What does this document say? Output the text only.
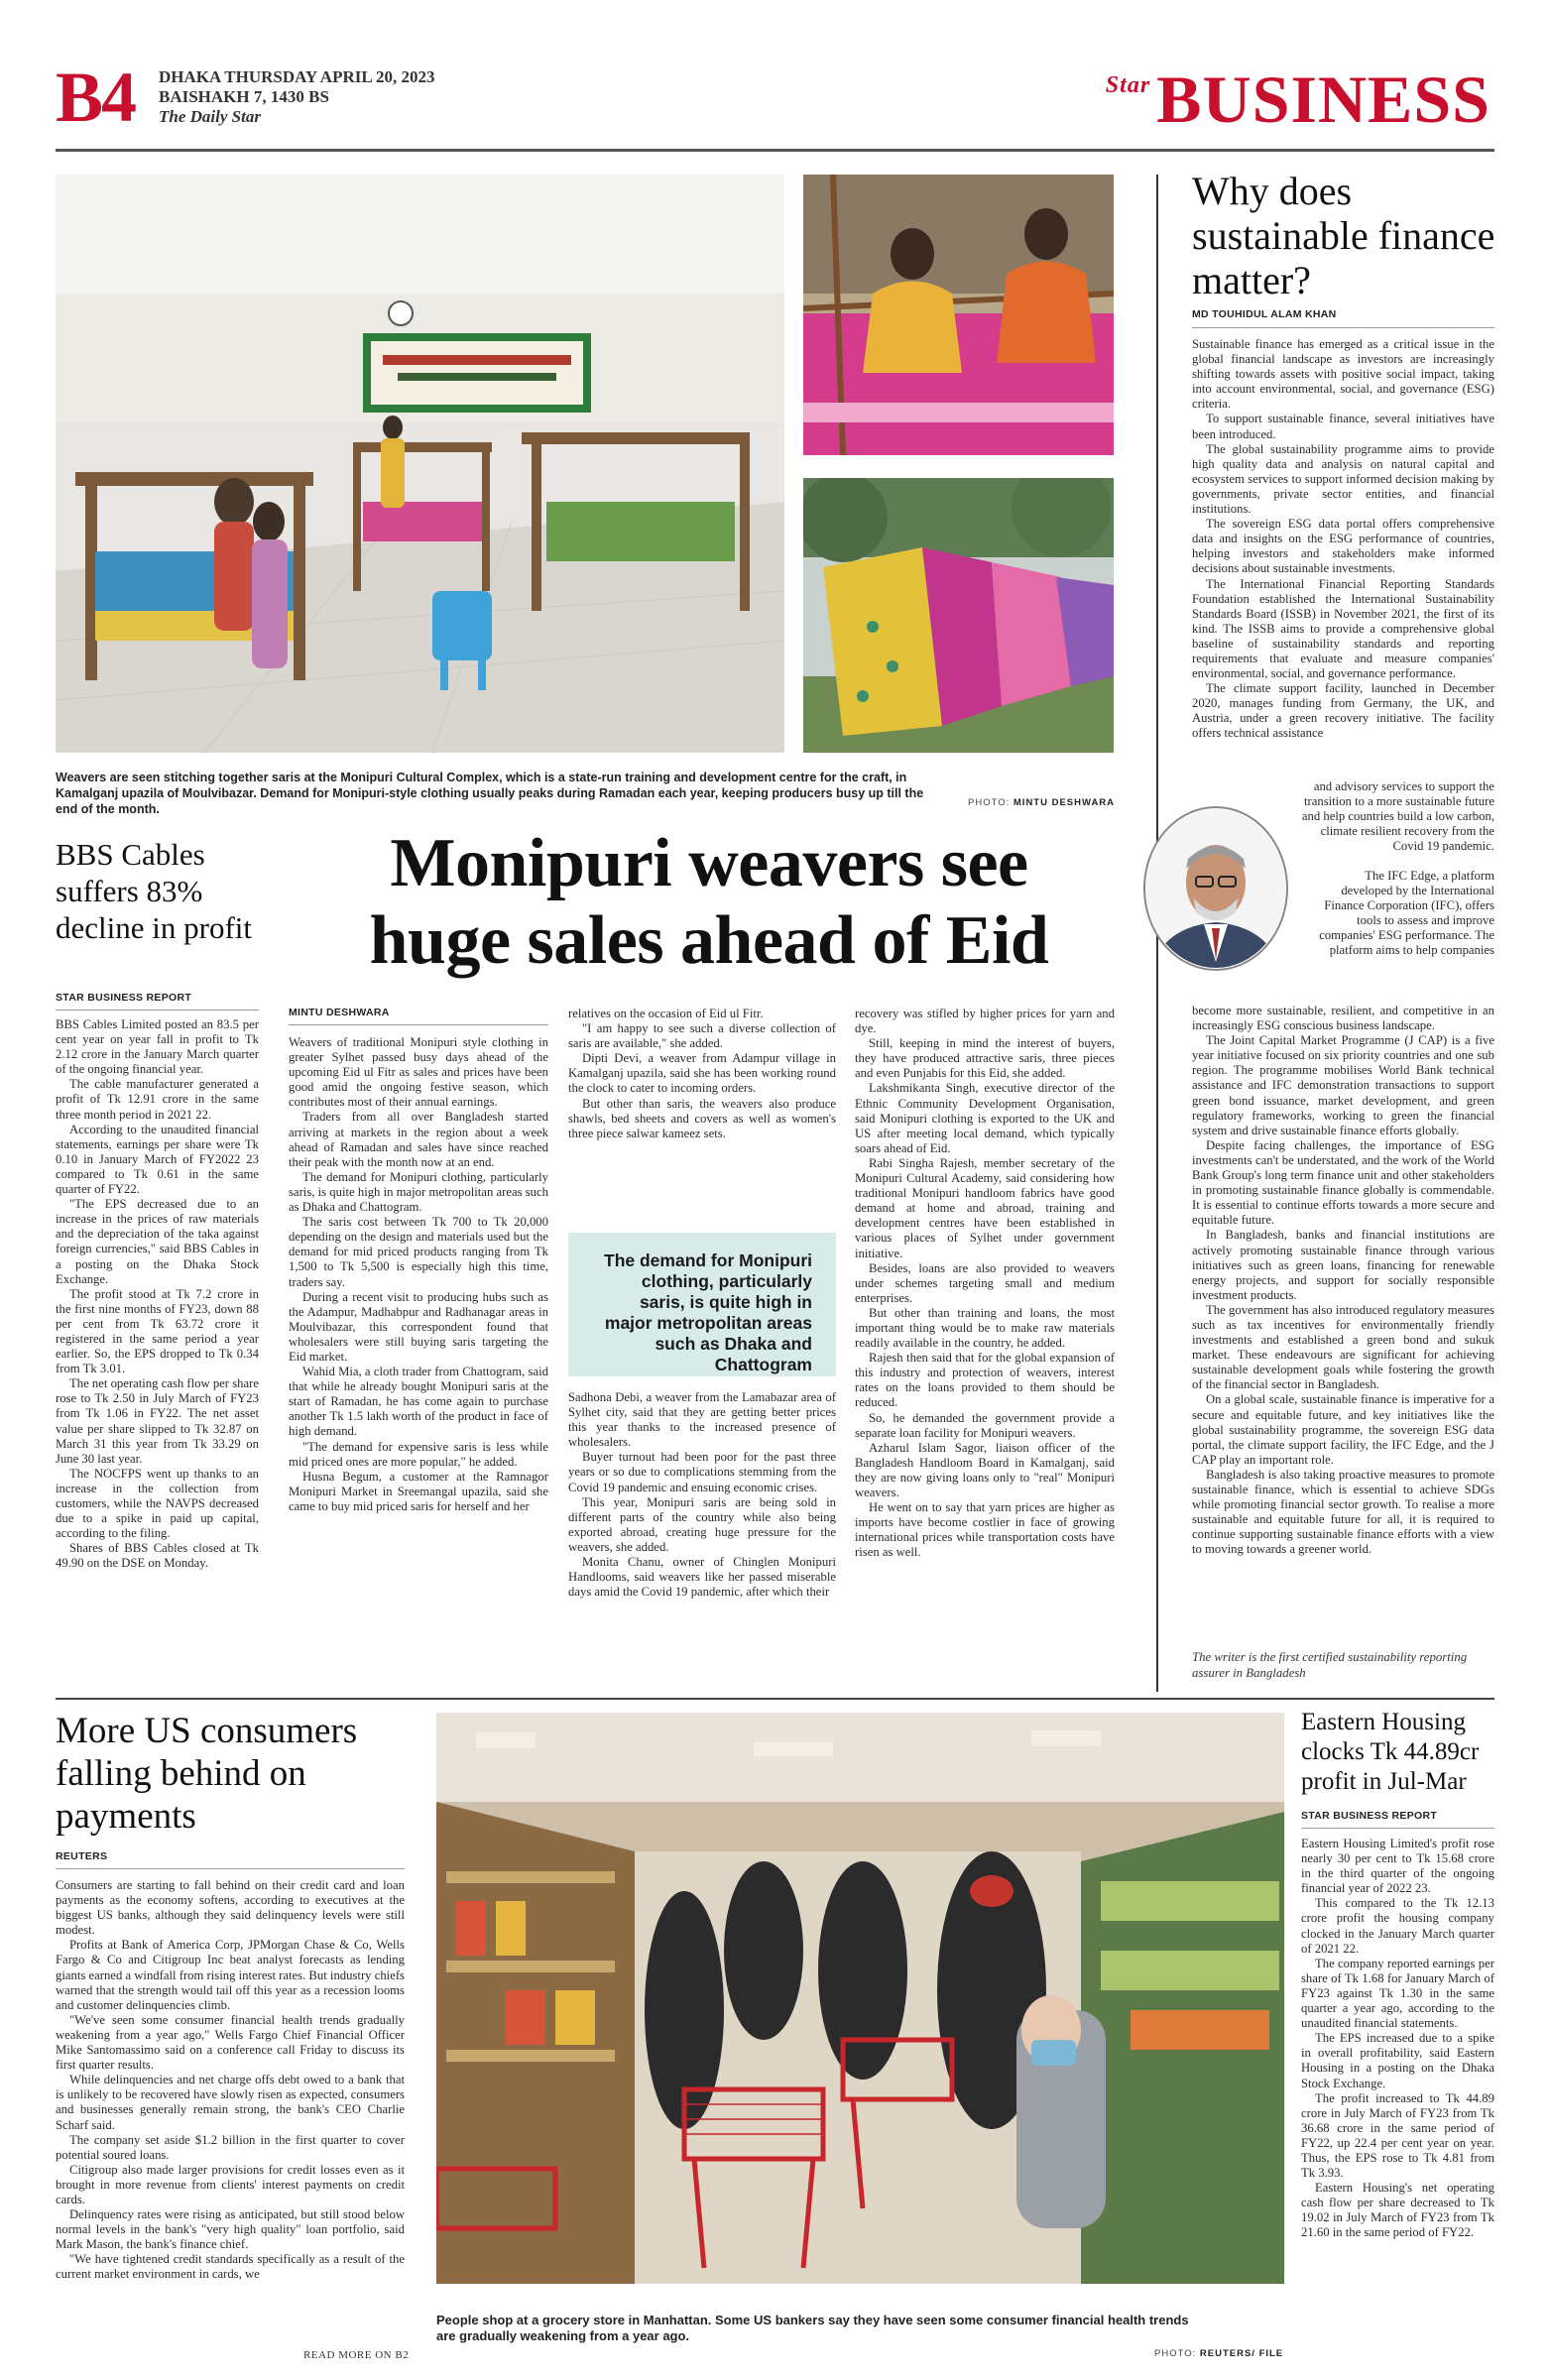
B4 DHAKA THURSDAY APRIL 20, 2023
BAISHAKH 7, 1430 BS
The Daily Star
StarBUSINESS
Weavers are seen stitching together saris at the Monipuri Cultural Complex, which is a state-run training and development centre for the craft, in Kamalganj upazila of Moulvibazar. Demand for Monipuri-style clothing usually peaks during Ramadan each year, keeping producers busy up till the end of the month.	PHOTO: MINTU DESHWARA
Why does sustainable finance matter?
MD TOUHIDUL ALAM KHAN

Sustainable finance has emerged as a critical issue in the global financial landscape as investors are increasingly shifting towards assets with positive social impact, taking into account environmental, social, and governance (ESG) criteria.

To support sustainable finance, several initiatives have been introduced.

The global sustainability programme aims to provide high quality data and analysis on natural capital and ecosystem services to support informed decision making by governments, private sector entities, and financial institutions.

The sovereign ESG data portal offers comprehensive data and insights on the ESG performance of countries, helping investors and stakeholders make informed decisions about sustainable investments.

The International Financial Reporting Standards Foundation established the International Sustainability Standards Board (ISSB) in November 2021, the first of its kind. The ISSB aims to provide a comprehensive global baseline of sustainability standards and reporting requirements that evaluate and measure companies' environmental, social, and governance performance.

The climate support facility, launched in December 2020, manages funding from Germany, the UK, and Austria, under a green recovery initiative. The facility offers technical assistance

and advisory services to support the transition to a more sustainable future and help countries build a low carbon, climate resilient recovery from the Covid 19 pandemic.

The IFC Edge, a platform developed by the International Finance Corporation (IFC), offers tools to assess and improve companies' ESG performance. The platform aims to help companies

become more sustainable, resilient, and competitive in an increasingly ESG conscious business landscape.

The Joint Capital Market Programme (J CAP) is a five year initiative focused on six priority countries and one sub region. The programme mobilises World Bank technical assistance and IFC demonstration transactions to support green bond issuance, market development, and green regulatory frameworks, working to green the financial system and drive sustainable finance efforts globally.

Despite facing challenges, the importance of ESG investments can't be understated, and the work of the World Bank Group's long term finance unit and other stakeholders in promoting sustainable finance globally is commendable. It is essential to continue efforts towards a more secure and equitable future.

In Bangladesh, banks and financial institutions are actively promoting sustainable finance through various initiatives such as green loans, financing for renewable energy projects, and support for socially responsible investment products.

The government has also introduced regulatory measures such as tax incentives for environmentally friendly investments and established a green bond and sukuk market. These endeavours are significant for achieving sustainable development goals while fostering the growth of the financial sector in Bangladesh.

On a global scale, sustainable finance is imperative for a secure and equitable future, and key initiatives like the global sustainability programme, the sovereign ESG data portal, the climate support facility, the IFC Edge, and the J CAP play an important role.

Bangladesh is also taking proactive measures to promote sustainable finance, which is essential to achieve SDGs while promoting financial sector growth. To realise a more sustainable and equitable future for all, it is required to continue supporting sustainable finance efforts with a view to moving towards a greener world.

The writer is the first certified sustainability reporting assurer in Bangladesh
BBS Cables suffers 83% decline in profit
STAR BUSINESS REPORT

BBS Cables Limited posted an 83.5 per cent year on year fall in profit to Tk 2.12 crore in the January March quarter of the ongoing financial year.

The cable manufacturer generated a profit of Tk 12.91 crore in the same three month period in 2021 22.

According to the unaudited financial statements, earnings per share were Tk 0.10 in January March of FY2022 23 compared to Tk 0.61 in the same quarter of FY22.

"The EPS decreased due to an increase in the prices of raw materials and the depreciation of the taka against foreign currencies," said BBS Cables in a posting on the Dhaka Stock Exchange.

The profit stood at Tk 7.2 crore in the first nine months of FY23, down 88 per cent from Tk 63.72 crore it registered in the same period a year earlier. So, the EPS dropped to Tk 0.34 from Tk 3.01.

The net operating cash flow per share rose to Tk 2.50 in July March of FY23 from Tk 1.06 in FY22. The net asset value per share slipped to Tk 32.87 on March 31 this year from Tk 33.29 on June 30 last year.

The NOCFPS went up thanks to an increase in the collection from customers, while the NAVPS decreased due to a spike in paid up capital, according to the filing.

Shares of BBS Cables closed at Tk 49.90 on the DSE on Monday.

Monipuri weavers see
huge sales ahead of Eid
MINTU DESHWARA

Weavers of traditional Monipuri style clothing in greater Sylhet passed busy days ahead of the upcoming Eid ul Fitr as sales and prices have been good amid the ongoing festive season, which contributes most of their annual earnings.

Traders from all over Bangladesh started arriving at markets in the region about a week ahead of Ramadan and sales have since reached their peak with the month now at an end.

The demand for Monipuri clothing, particularly saris, is quite high in major metropolitan areas such as Dhaka and Chattogram.

The saris cost between Tk 700 to Tk 20,000 depending on the design and materials used but the demand for mid priced products ranging from Tk 1,500 to Tk 5,500 is especially high this time, traders say.

During a recent visit to producing hubs such as the Adampur, Madhabpur and Radhanagar areas in Moulvibazar, this correspondent found that wholesalers were still buying saris targeting the Eid market.

Wahid Mia, a cloth trader from Chattogram, said that while he already bought Monipuri saris at the start of Ramadan, he has come again to purchase another Tk 1.5 lakh worth of the product in face of high demand.

"The demand for expensive saris is less while mid priced ones are more popular," he added.

Husna Begum, a customer at the Ramnagor Monipuri Market in Sreemangal upazila, said she came to buy mid priced saris for herself and her

relatives on the occasion of Eid ul Fitr.

"I am happy to see such a diverse collection of saris are available," she added.

Dipti Devi, a weaver from Adampur village in Kamalganj upazila, said she has been working round the clock to cater to incoming orders.

But other than saris, the weavers also produce shawls, bed sheets and covers as well as women's three piece salwar kameez sets.

The demand for Monipuri clothing, particularly saris, is quite high in major metropolitan areas such as Dhaka and Chattogram

Sadhona Debi, a weaver from the Lamabazar area of Sylhet city, said that they are getting better prices this year thanks to the increased presence of wholesalers.

Buyer turnout had been poor for the past three years or so due to complications stemming from the Covid 19 pandemic and ensuing economic crises.

This year, Monipuri saris are being sold in different parts of the country while also being exported abroad, creating huge pressure for the weavers, she added.

Monita Chanu, owner of Chinglen Monipuri Handlooms, said weavers like her passed miserable days amid the Covid 19 pandemic, after which their

recovery was stifled by higher prices for yarn and dye.

Still, keeping in mind the interest of buyers, they have produced attractive saris, three pieces and even Punjabis for this Eid, she added.

Lakshmikanta Singh, executive director of the Ethnic Community Development Organisation, said Monipuri clothing is exported to the UK and US after meeting local demand, which typically soars ahead of Eid.

Rabi Singha Rajesh, member secretary of the Monipuri Cultural Academy, said considering how traditional Monipuri handloom fabrics have good demand at home and abroad, training and development centres have been established in various places of Sylhet under government initiative.

Besides, loans are also provided to weavers under schemes targeting small and medium enterprises.

But other than training and loans, the most important thing would be to make raw materials readily available in the country, he added.

Rajesh then said that for the global expansion of this industry and protection of weavers, interest rates on the loans provided to them should be reduced.

So, he demanded the government provide a separate loan facility for Monipuri weavers.

Azharul Islam Sagor, liaison officer of the Bangladesh Handloom Board in Kamalganj, said they are now giving loans only to "real" Monipuri weavers.

He went on to say that yarn prices are higher as imports have become costlier in face of growing international prices while transportation costs have risen as well.

More US consumers falling behind on payments
REUTERS

Consumers are starting to fall behind on their credit card and loan payments as the economy softens, according to executives at the biggest US banks, although they said delinquency levels were still modest.

Profits at Bank of America Corp, JPMorgan Chase & Co, Wells Fargo & Co and Citigroup Inc beat analyst forecasts as lending giants earned a windfall from rising interest rates. But industry chiefs warned that the strength would tail off this year as a recession looms and customer delinquencies climb.

"We've seen some consumer financial health trends gradually weakening from a year ago," Wells Fargo Chief Financial Officer Mike Santomassimo said on a conference call Friday to discuss its first quarter results.

While delinquencies and net charge offs debt owed to a bank that is unlikely to be recovered have slowly risen as expected, consumers and businesses generally remain strong, the bank's CEO Charlie Scharf said.

The company set aside $1.2 billion in the first quarter to cover potential soured loans.

Citigroup also made larger provisions for credit losses even as it brought in more revenue from clients' interest payments on credit cards.

Delinquency rates were rising as anticipated, but still stood below normal levels in the bank's "very high quality" loan portfolio, said Mark Mason, the bank's finance chief.

"We have tightened credit standards specifically as a result of the current market environment in cards, we

READ MORE ON B2
People shop at a grocery store in Manhattan. Some US bankers say they have seen some consumer financial health trends are gradually weakening from a year ago.
PHOTO: REUTERS/ FILE
Eastern Housing clocks Tk 44.89cr profit in Jul-Mar
STAR BUSINESS REPORT

Eastern Housing Limited's profit rose nearly 30 per cent to Tk 15.68 crore in the third quarter of the ongoing financial year of 2022 23.

This compared to the Tk 12.13 crore profit the housing company clocked in the January March quarter of 2021 22.

The company reported earnings per share of Tk 1.68 for January March of FY23 against Tk 1.30 in the same quarter a year ago, according to the unaudited financial statements.

The EPS increased due to a spike in overall profitability, said Eastern Housing in a posting on the Dhaka Stock Exchange.

The profit increased to Tk 44.89 crore in July March of FY23 from Tk 36.68 crore in the same period of FY22, up 22.4 per cent year on year. Thus, the EPS rose to Tk 4.81 from Tk 3.93.

Eastern Housing's net operating cash flow per share decreased to Tk 19.02 in July March of FY23 from Tk 21.60 in the same period of FY22.
